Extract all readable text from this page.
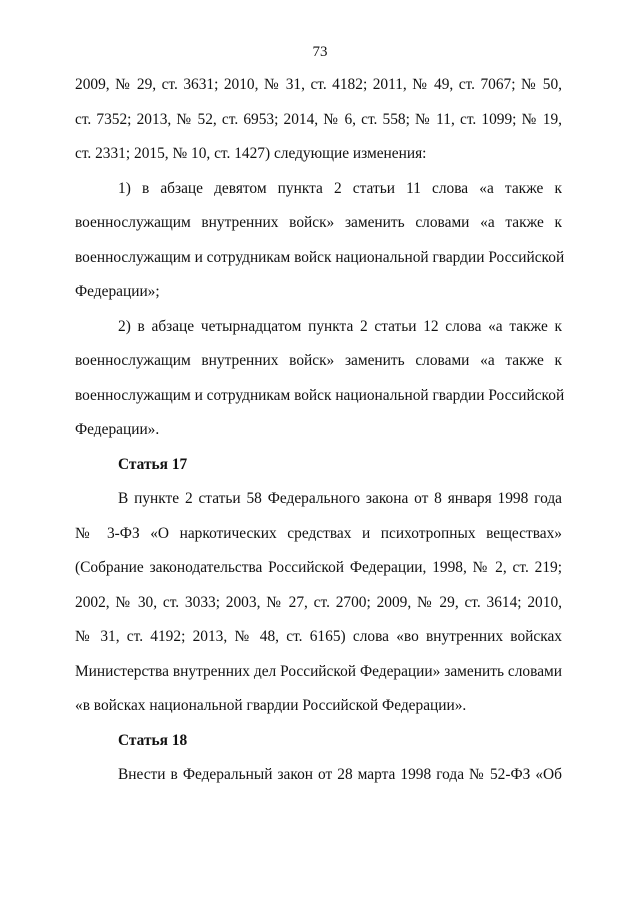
73
2009, № 29, ст. 3631; 2010, № 31, ст. 4182; 2011, № 49, ст. 7067; № 50,
ст. 7352; 2013, № 52, ст. 6953; 2014, № 6, ст. 558; № 11, ст. 1099; № 19,
ст. 2331; 2015, № 10, ст. 1427) следующие изменения:
1) в абзаце девятом пункта 2 статьи 11 слова «а также к
военнослужащим внутренних войск» заменить словами «а также к
военнослужащим и сотрудникам войск национальной гвардии Российской
Федерации»;
2) в абзаце четырнадцатом пункта 2 статьи 12 слова «а также к
военнослужащим внутренних войск» заменить словами «а также к
военнослужащим и сотрудникам войск национальной гвардии Российской
Федерации».
Статья 17
В пункте 2 статьи 58 Федерального закона от 8 января 1998 года
№ 3-ФЗ «О наркотических средствах и психотропных веществах»
(Собрание законодательства Российской Федерации, 1998, № 2, ст. 219;
2002, № 30, ст. 3033; 2003, № 27, ст. 2700; 2009, № 29, ст. 3614; 2010,
№ 31, ст. 4192; 2013, № 48, ст. 6165) слова «во внутренних войсках
Министерства внутренних дел Российской Федерации» заменить словами
«в войсках национальной гвардии Российской Федерации».
Статья 18
Внести в Федеральный закон от 28 марта 1998 года № 52-ФЗ «Об
